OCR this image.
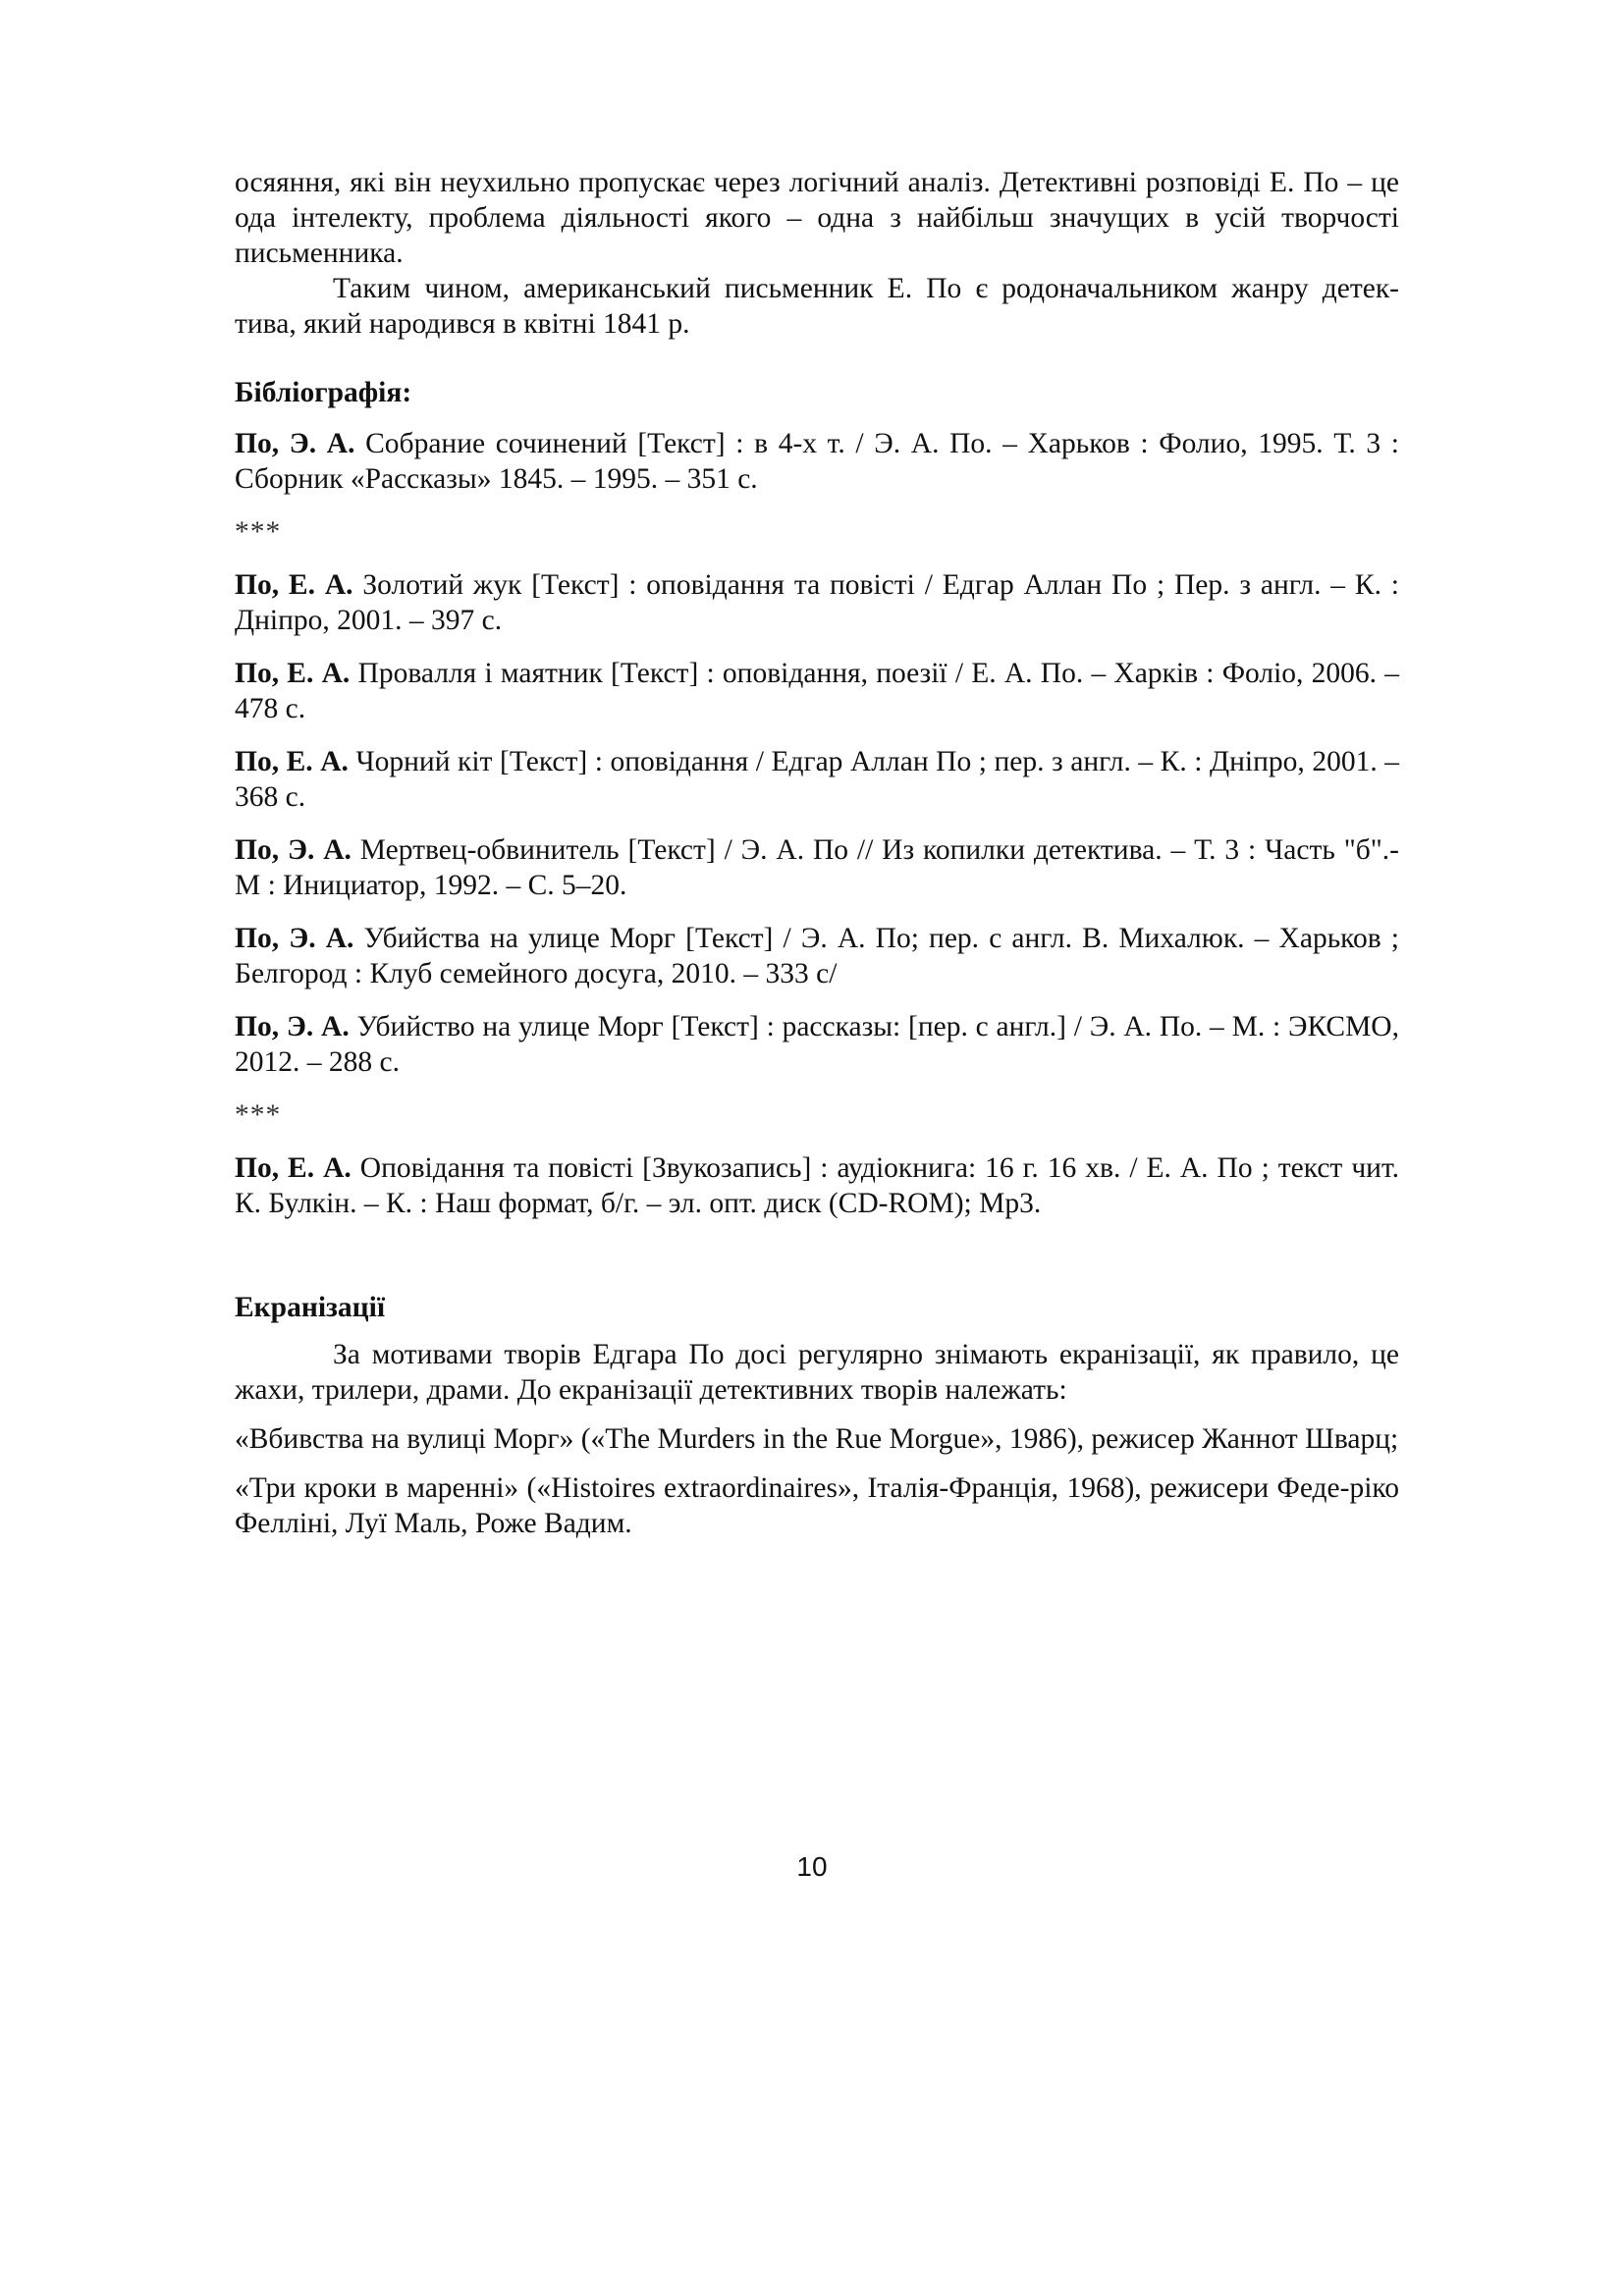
осяяння, які він неухильно пропускає через логічний аналіз. Детективні розповіді Е. По – це ода інтелекту, проблема діяльності якого – одна з найбільш значущих в усій творчості письменника.

Таким чином, американський письменник Е. По є родоначальником жанру детек-тива, який народився в квітні 1841 р.

Бібліографія:

По, Э. А. Собрание сочинений [Текст] : в 4-х т. / Э. А. По. – Харьков : Фолио, 1995. Т. 3 : Сборник «Рассказы» 1845. – 1995. – 351 с.

***

По, Е. А. Золотий жук [Текст] : оповідання та повісті / Едгар Аллан По ; Пер. з англ. – К. : Дніпро, 2001. – 397 с.

По, Е. А. Провалля і маятник [Текст] : оповідання, поезії / Е. А. По. – Харків : Фоліо, 2006. – 478 с.

По, Е. А. Чорний кіт [Текст] : оповідання / Едгар Аллан По ; пер. з англ. – К. : Дніпро, 2001. – 368 с.

По, Э. А. Мертвец-обвинитель [Текст] / Э. А. По // Из копилки детектива. – Т. 3 : Часть "б".- М : Инициатор, 1992. – С. 5–20.

По, Э. А. Убийства на улице Морг [Текст] / Э. А. По; пер. с англ. В. Михалюк. – Харьков ; Белгород : Клуб семейного досуга, 2010. – 333 с/

По, Э. А. Убийство на улице Морг [Текст] : рассказы: [пер. с англ.] / Э. А. По. – М. : ЭКСМО, 2012. – 288 с.

***

По, Е. А. Оповідання та повісті [Звукозапись] : аудіокнига: 16 г. 16 хв. / Е. А. По ; текст чит. К. Булкін. – К. : Наш формат, б/г. – эл. опт. диск (CD-ROM); Мр3.

Екранізації

За мотивами творів Едгара По досі регулярно знімають екранізації, як правило, це жахи, трилери, драми. До екранізації детективних творів належать:

«Вбивства на вулиці Морг» («The Murders in the Rue Morgue», 1986), режисер Жаннот Шварц;

«Три кроки в маренні» («Histoires extraordinaires», Італія-Франція, 1968), режисери Феде-ріко Фелліні, Луї Маль, Роже Вадим.

10
